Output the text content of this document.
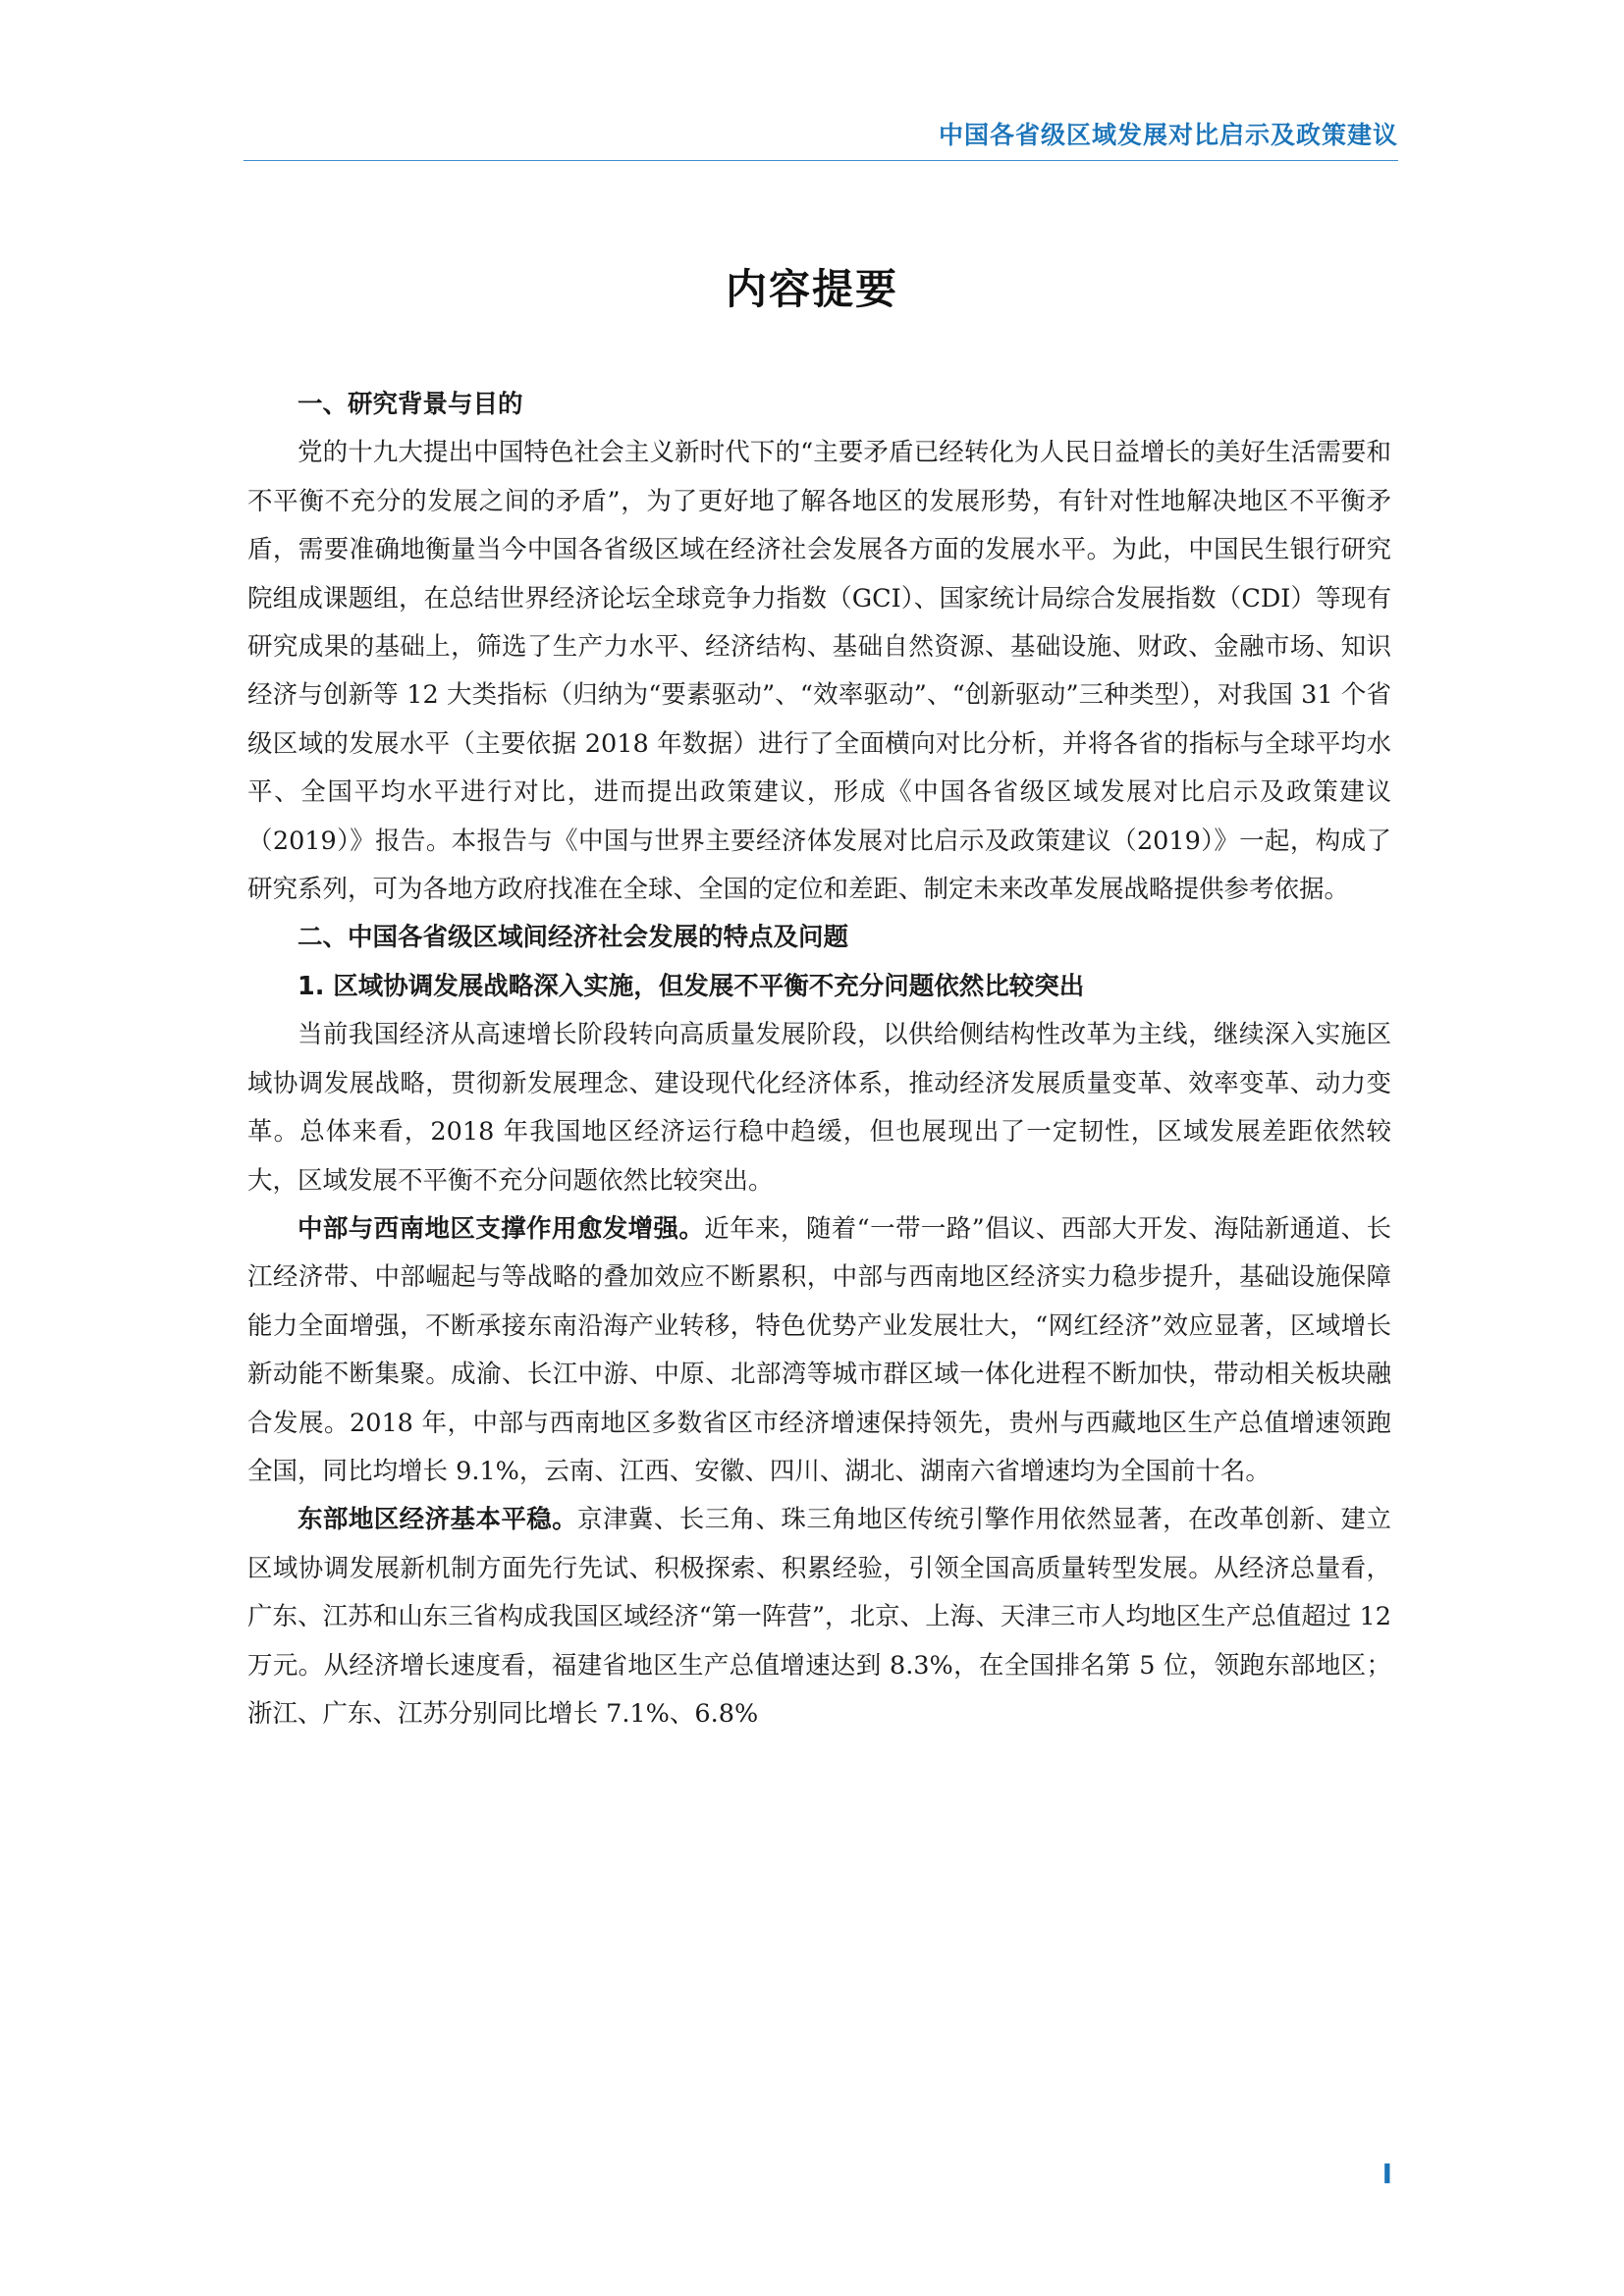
中国各省级区域发展对比启示及政策建议
内容提要
一、研究背景与目的

党的十九大提出中国特色社会主义新时代下的“主要矛盾已经转化为人民日益增长的美好生活需要和不平衡不充分的发展之间的矛盾”，为了更好地了解各地区的发展形势，有针对性地解决地区不平衡矛盾，需要准确地衡量当今中国各省级区域在经济社会发展各方面的发展水平。为此，中国民生银行研究院组成课题组，在总结世界经济论坛全球竞争力指数（GCI）、国家统计局综合发展指数（CDI）等现有研究成果的基础上，筛选了生产力水平、经济结构、基础自然资源、基础设施、财政、金融市场、知识经济与创新等 12 大类指标（归纳为“要素驱动”、“效率驱动”、“创新驱动”三种类型），对我国 31 个省级区域的发展水平（主要依据 2018 年数据）进行了全面横向对比分析，并将各省的指标与全球平均水平、全国平均水平进行对比，进而提出政策建议，形成《中国各省级区域发展对比启示及政策建议（2019）》报告。本报告与《中国与世界主要经济体发展对比启示及政策建议（2019）》一起，构成了研究系列，可为各地方政府找准在全球、全国的定位和差距、制定未来改革发展战略提供参考依据。

二、中国各省级区域间经济社会发展的特点及问题
1. 区域协调发展战略深入实施，但发展不平衡不充分问题依然比较突出

当前我国经济从高速增长阶段转向高质量发展阶段，以供给侧结构性改革为主线，继续深入实施区域协调发展战略，贯彻新发展理念、建设现代化经济体系，推动经济发展质量变革、效率变革、动力变革。总体来看，2018 年我国地区经济运行稳中趋缓，但也展现出了一定韧性，区域发展差距依然较大，区域发展不平衡不充分问题依然比较突出。

中部与西南地区支撑作用愈发增强。近年来，随着“一带一路”倡议、西部大开发、海陆新通道、长江经济带、中部崛起与等战略的叠加效应不断累积，中部与西南地区经济实力稳步提升，基础设施保障能力全面增强，不断承接东南沿海产业转移，特色优势产业发展壮大，“网红经济”效应显著，区域增长新动能不断集聚。成渝、长江中游、中原、北部湾等城市群区域一体化进程不断加快，带动相关板块融合发展。2018 年，中部与西南地区多数省区市经济增速保持领先，贵州与西藏地区生产总值增速领跑全国，同比均增长 9.1%，云南、江西、安徽、四川、湖北、湖南六省增速均为全国前十名。

东部地区经济基本平稳。京津冀、长三角、珠三角地区传统引擎作用依然显著，在改革创新、建立区域协调发展新机制方面先行先试、积极探索、积累经验，引领全国高质量转型发展。从经济总量看，广东、江苏和山东三省构成我国区域经济“第一阵营”，北京、上海、天津三市人均地区生产总值超过 12 万元。从经济增长速度看，福建省地区生产总值增速达到 8.3%，在全国排名第 5 位，领跑东部地区；浙江、广东、江苏分别同比增长 7.1%、6.8%

I
